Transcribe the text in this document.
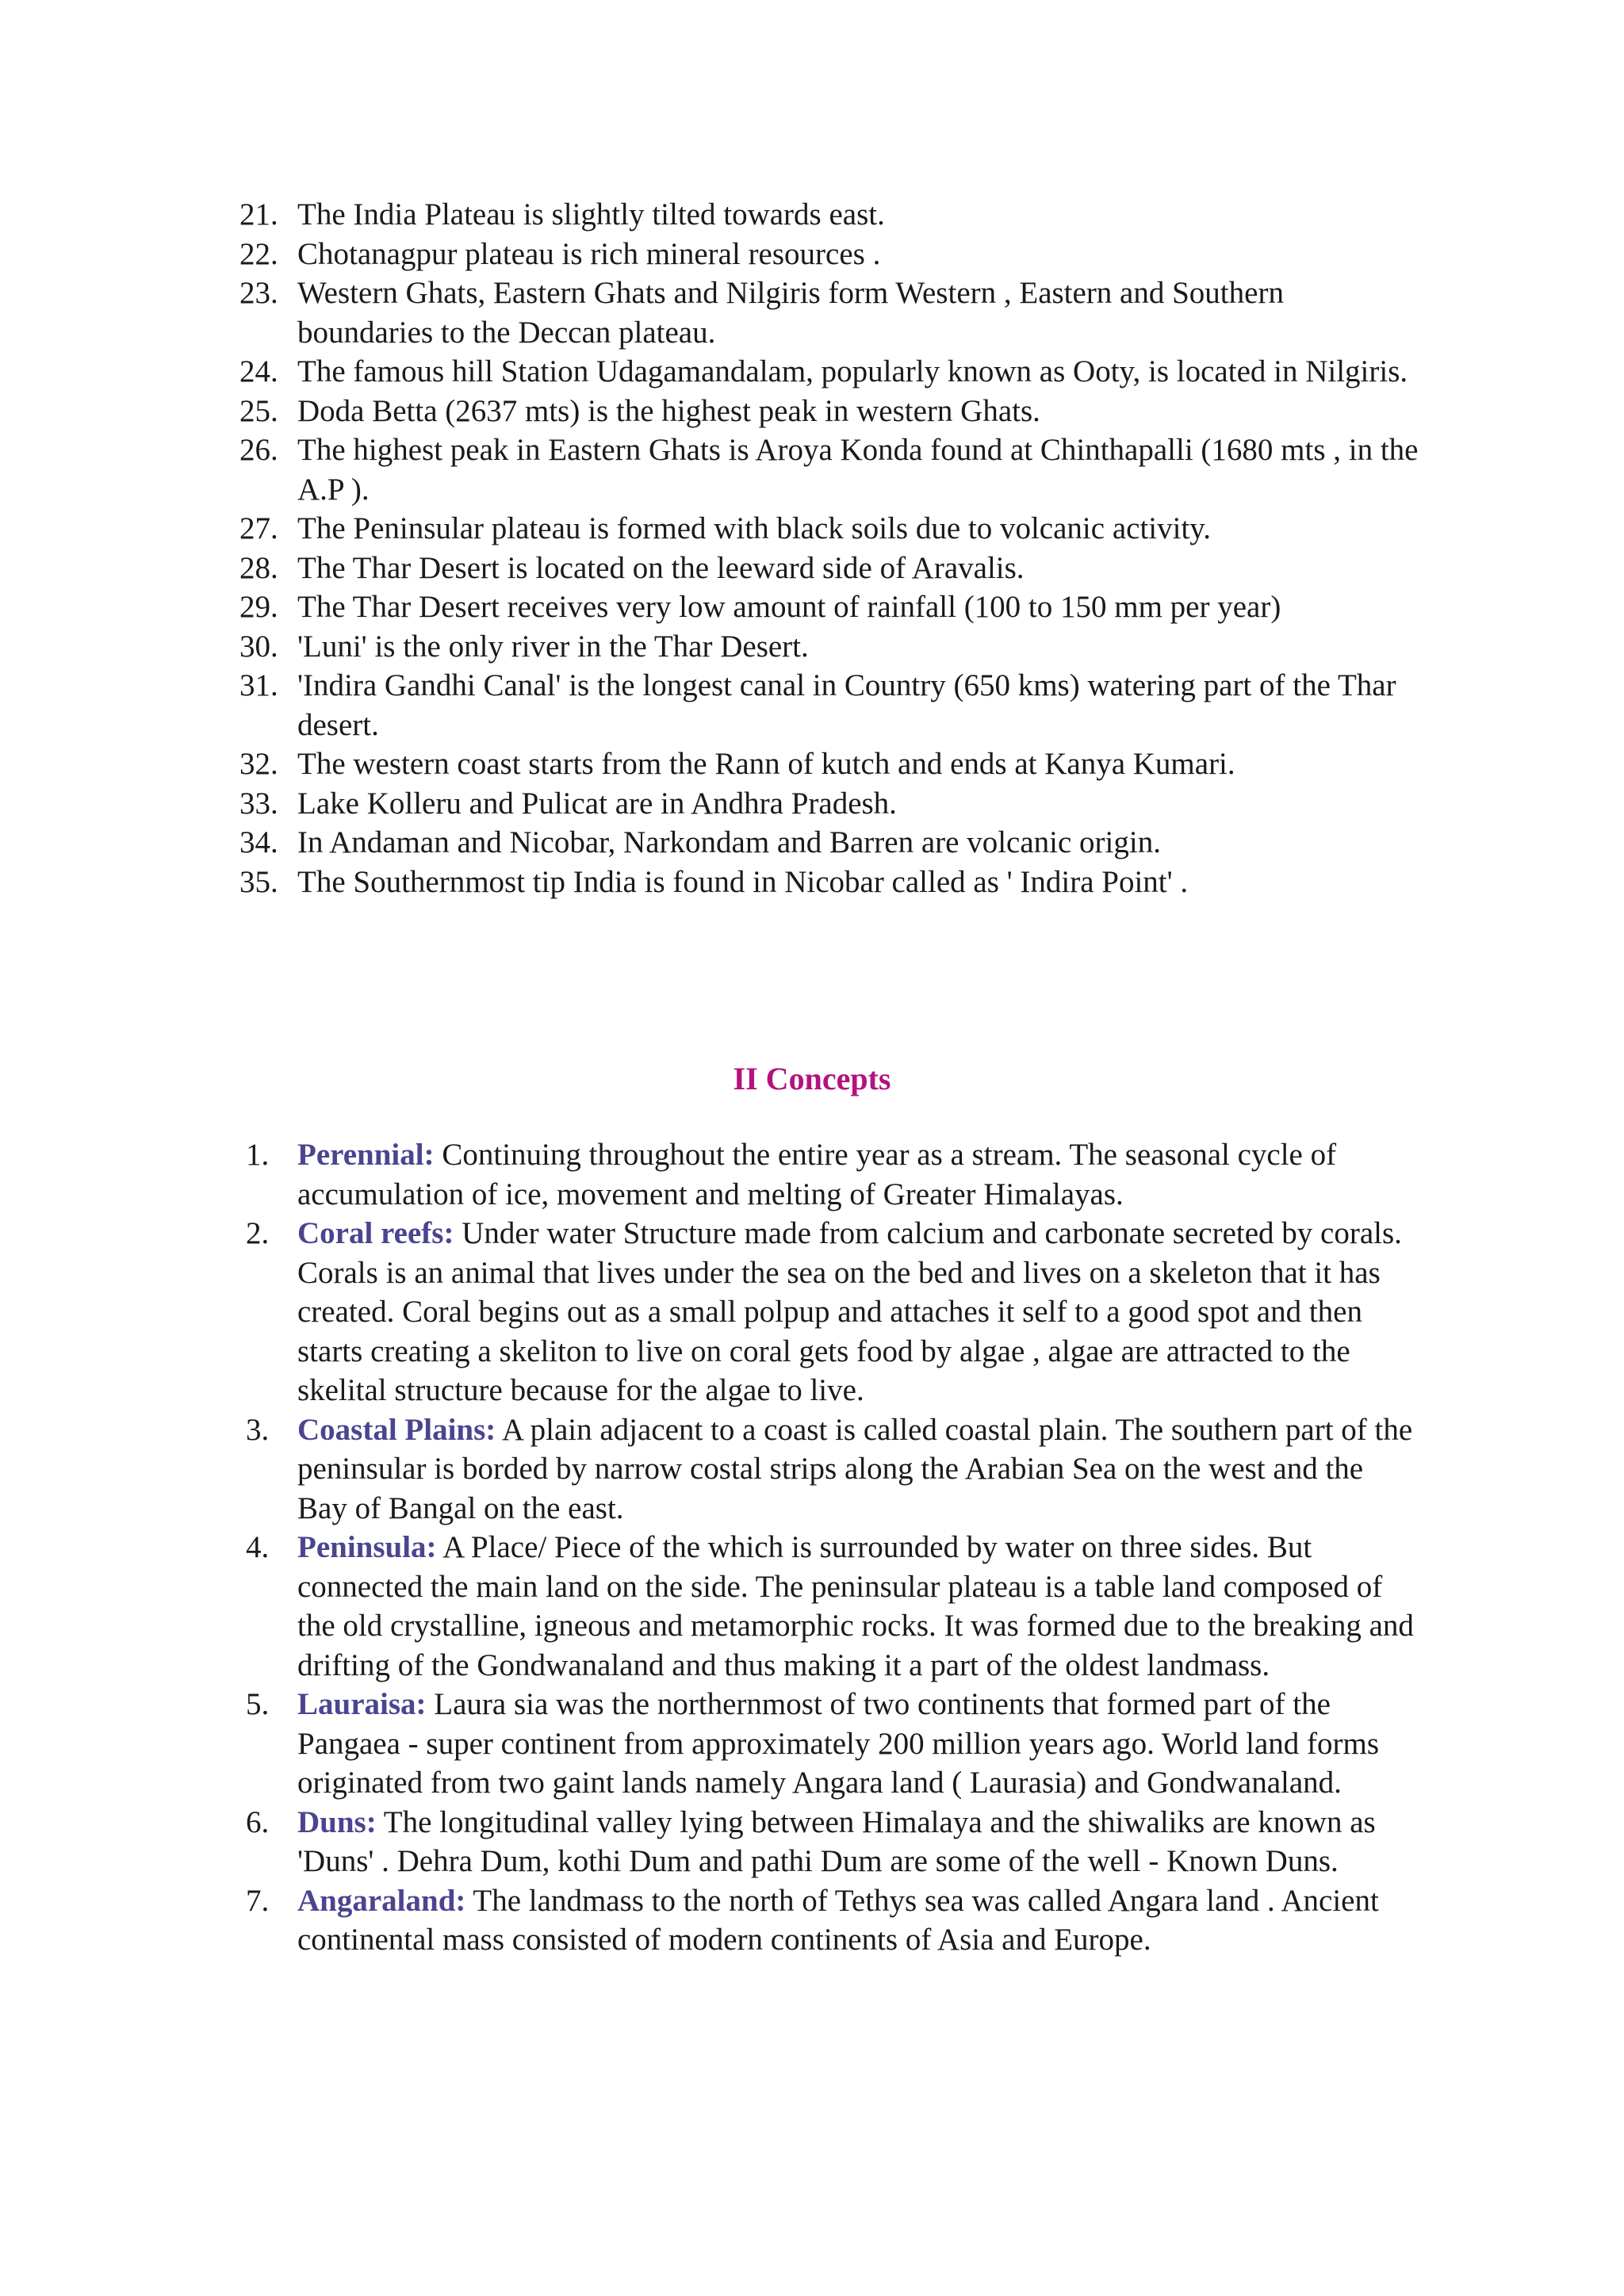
21. The India Plateau is slightly tilted towards east.
22. Chotanagpur plateau is rich mineral resources .
23. Western Ghats, Eastern Ghats and Nilgiris form Western , Eastern and Southern boundaries to the Deccan plateau.
24. The famous hill Station Udagamandalam, popularly known as Ooty, is located in Nilgiris.
25. Doda Betta (2637 mts) is the highest peak in western Ghats.
26. The highest peak in Eastern Ghats is Aroya Konda found at Chinthapalli (1680 mts , in the A.P ).
27. The Peninsular plateau is formed with black soils due to volcanic activity.
28. The Thar Desert is located on the leeward side of Aravalis.
29. The Thar Desert receives very low amount of rainfall (100 to 150 mm per year)
30. 'Luni' is the only river in the Thar Desert.
31. 'Indira Gandhi Canal' is the longest canal in Country (650 kms) watering part of the Thar desert.
32. The western coast starts from the Rann of kutch and ends at Kanya Kumari.
33. Lake Kolleru and Pulicat are in Andhra Pradesh.
34. In Andaman and Nicobar, Narkondam and Barren are volcanic origin.
35. The Southernmost tip India is found in Nicobar called as ' Indira Point' .
II Concepts
1. Perennial: Continuing throughout the entire year as a stream. The seasonal cycle of accumulation of ice, movement and melting of Greater Himalayas.
2. Coral reefs: Under water Structure made from calcium and carbonate secreted by corals. Corals is an animal that lives under the sea on the bed and lives on a skeleton that it has created. Coral begins out as a small polpup and attaches it self to a good spot and then starts creating a skeliton to live on coral gets food by algae , algae are attracted to the skelital structure because for the algae to live.
3. Coastal Plains: A plain adjacent to a coast is called coastal plain. The southern part of the peninsular is borded by narrow costal strips along the Arabian Sea on the west and the Bay of Bangal on the east.
4. Peninsula: A Place/ Piece of the which is surrounded by water on three sides. But connected the main land on the side. The peninsular plateau is a table land composed of the old crystalline, igneous and metamorphic rocks. It was formed due to the breaking and drifting of the Gondwanaland and thus making it a part of the oldest landmass.
5. Lauraisa: Laura sia was the northernmost of two continents that formed part of the Pangaea - super continent from approximately 200 million years ago. World land forms originated from two gaint lands namely Angara land ( Laurasia) and Gondwanaland.
6. Duns: The longitudinal valley lying between Himalaya and the shiwaliks are known as 'Duns' . Dehra Dum, kothi Dum and pathi Dum are some of the well - Known Duns.
7. Angaraland: The landmass to the north of Tethys sea was called Angara land . Ancient continental mass consisted of modern continents of Asia and Europe.
